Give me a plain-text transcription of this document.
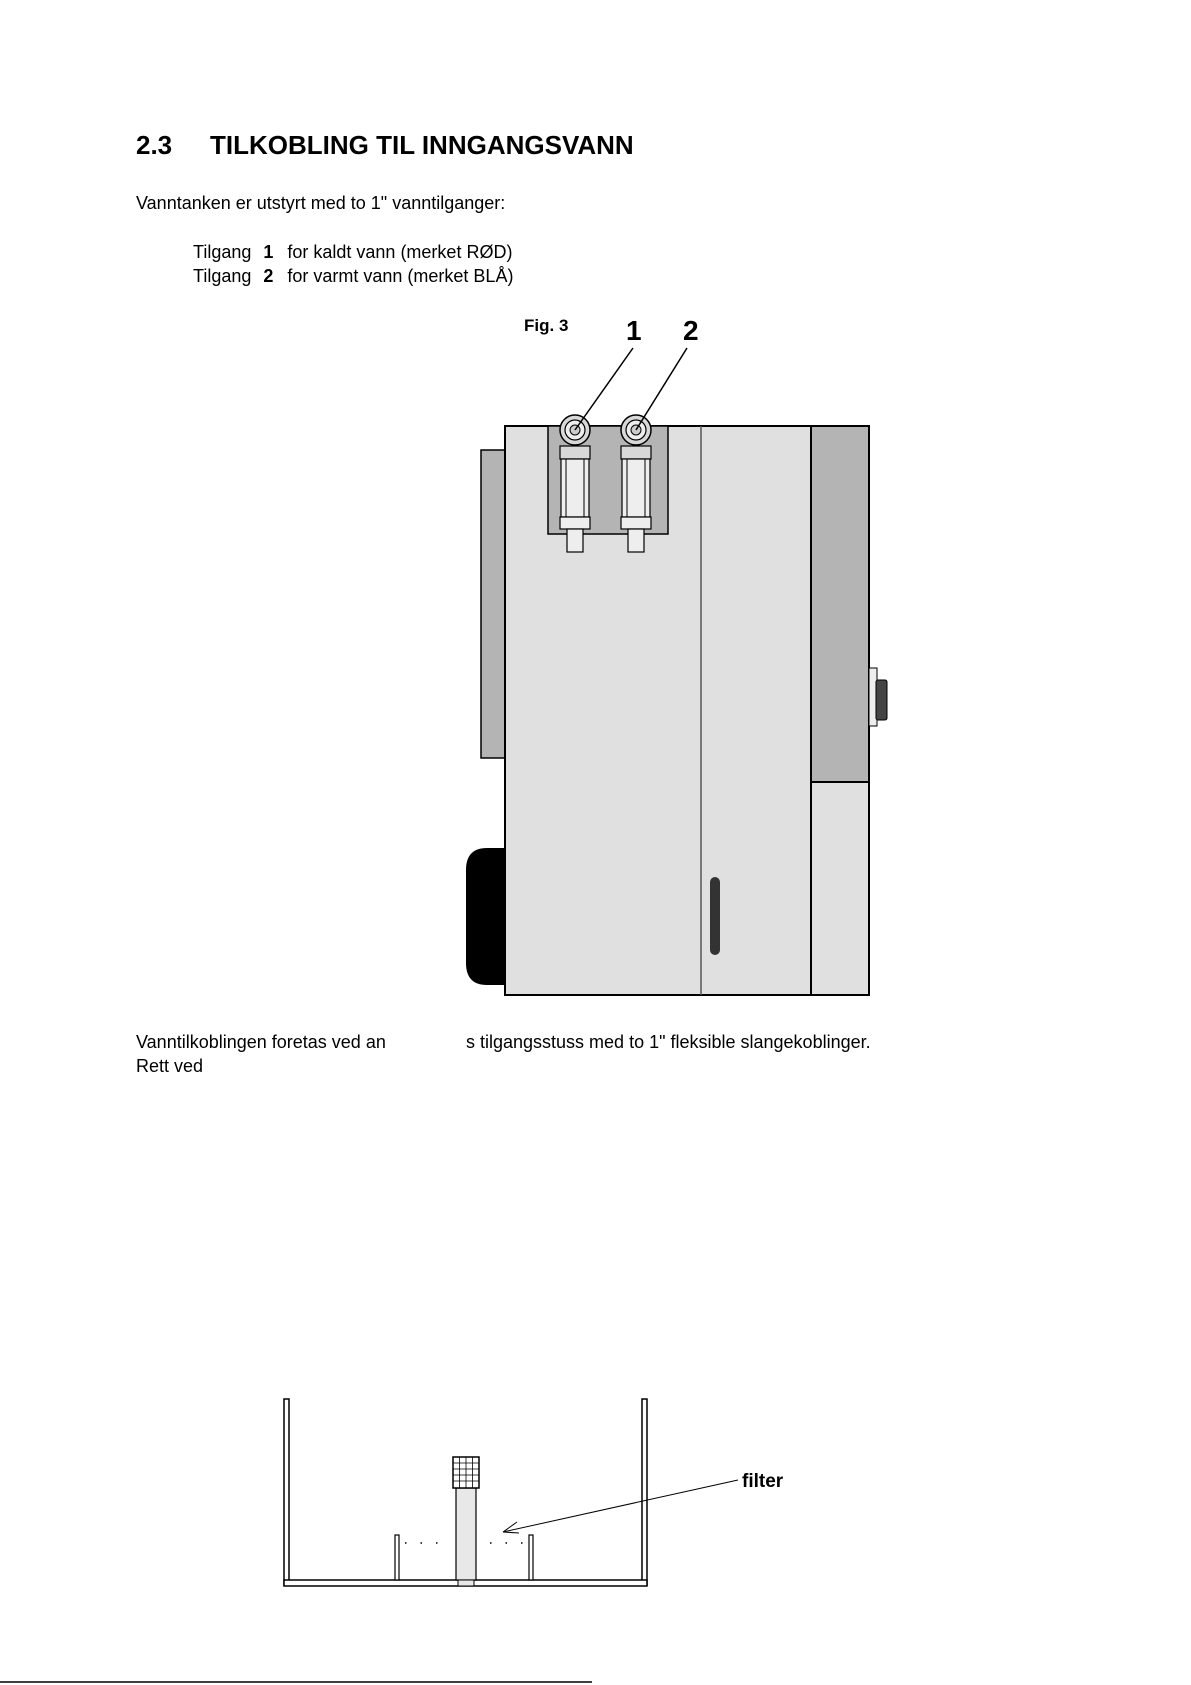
2.3 TILKOBLING TIL INNGANGSVANN
Vanntanken er utstyrt med to 1" vanntilganger:
Tilgang 1 for kaldt vann (merket RØD)
Tilgang 2 for varmt vann (merket BLÅ)
Fig. 3 1 2
Vanntilkoblingen foretas ved an	s tilgangsstuss med to 1" fleksible slangekoblinger.
Rett ved
filter
